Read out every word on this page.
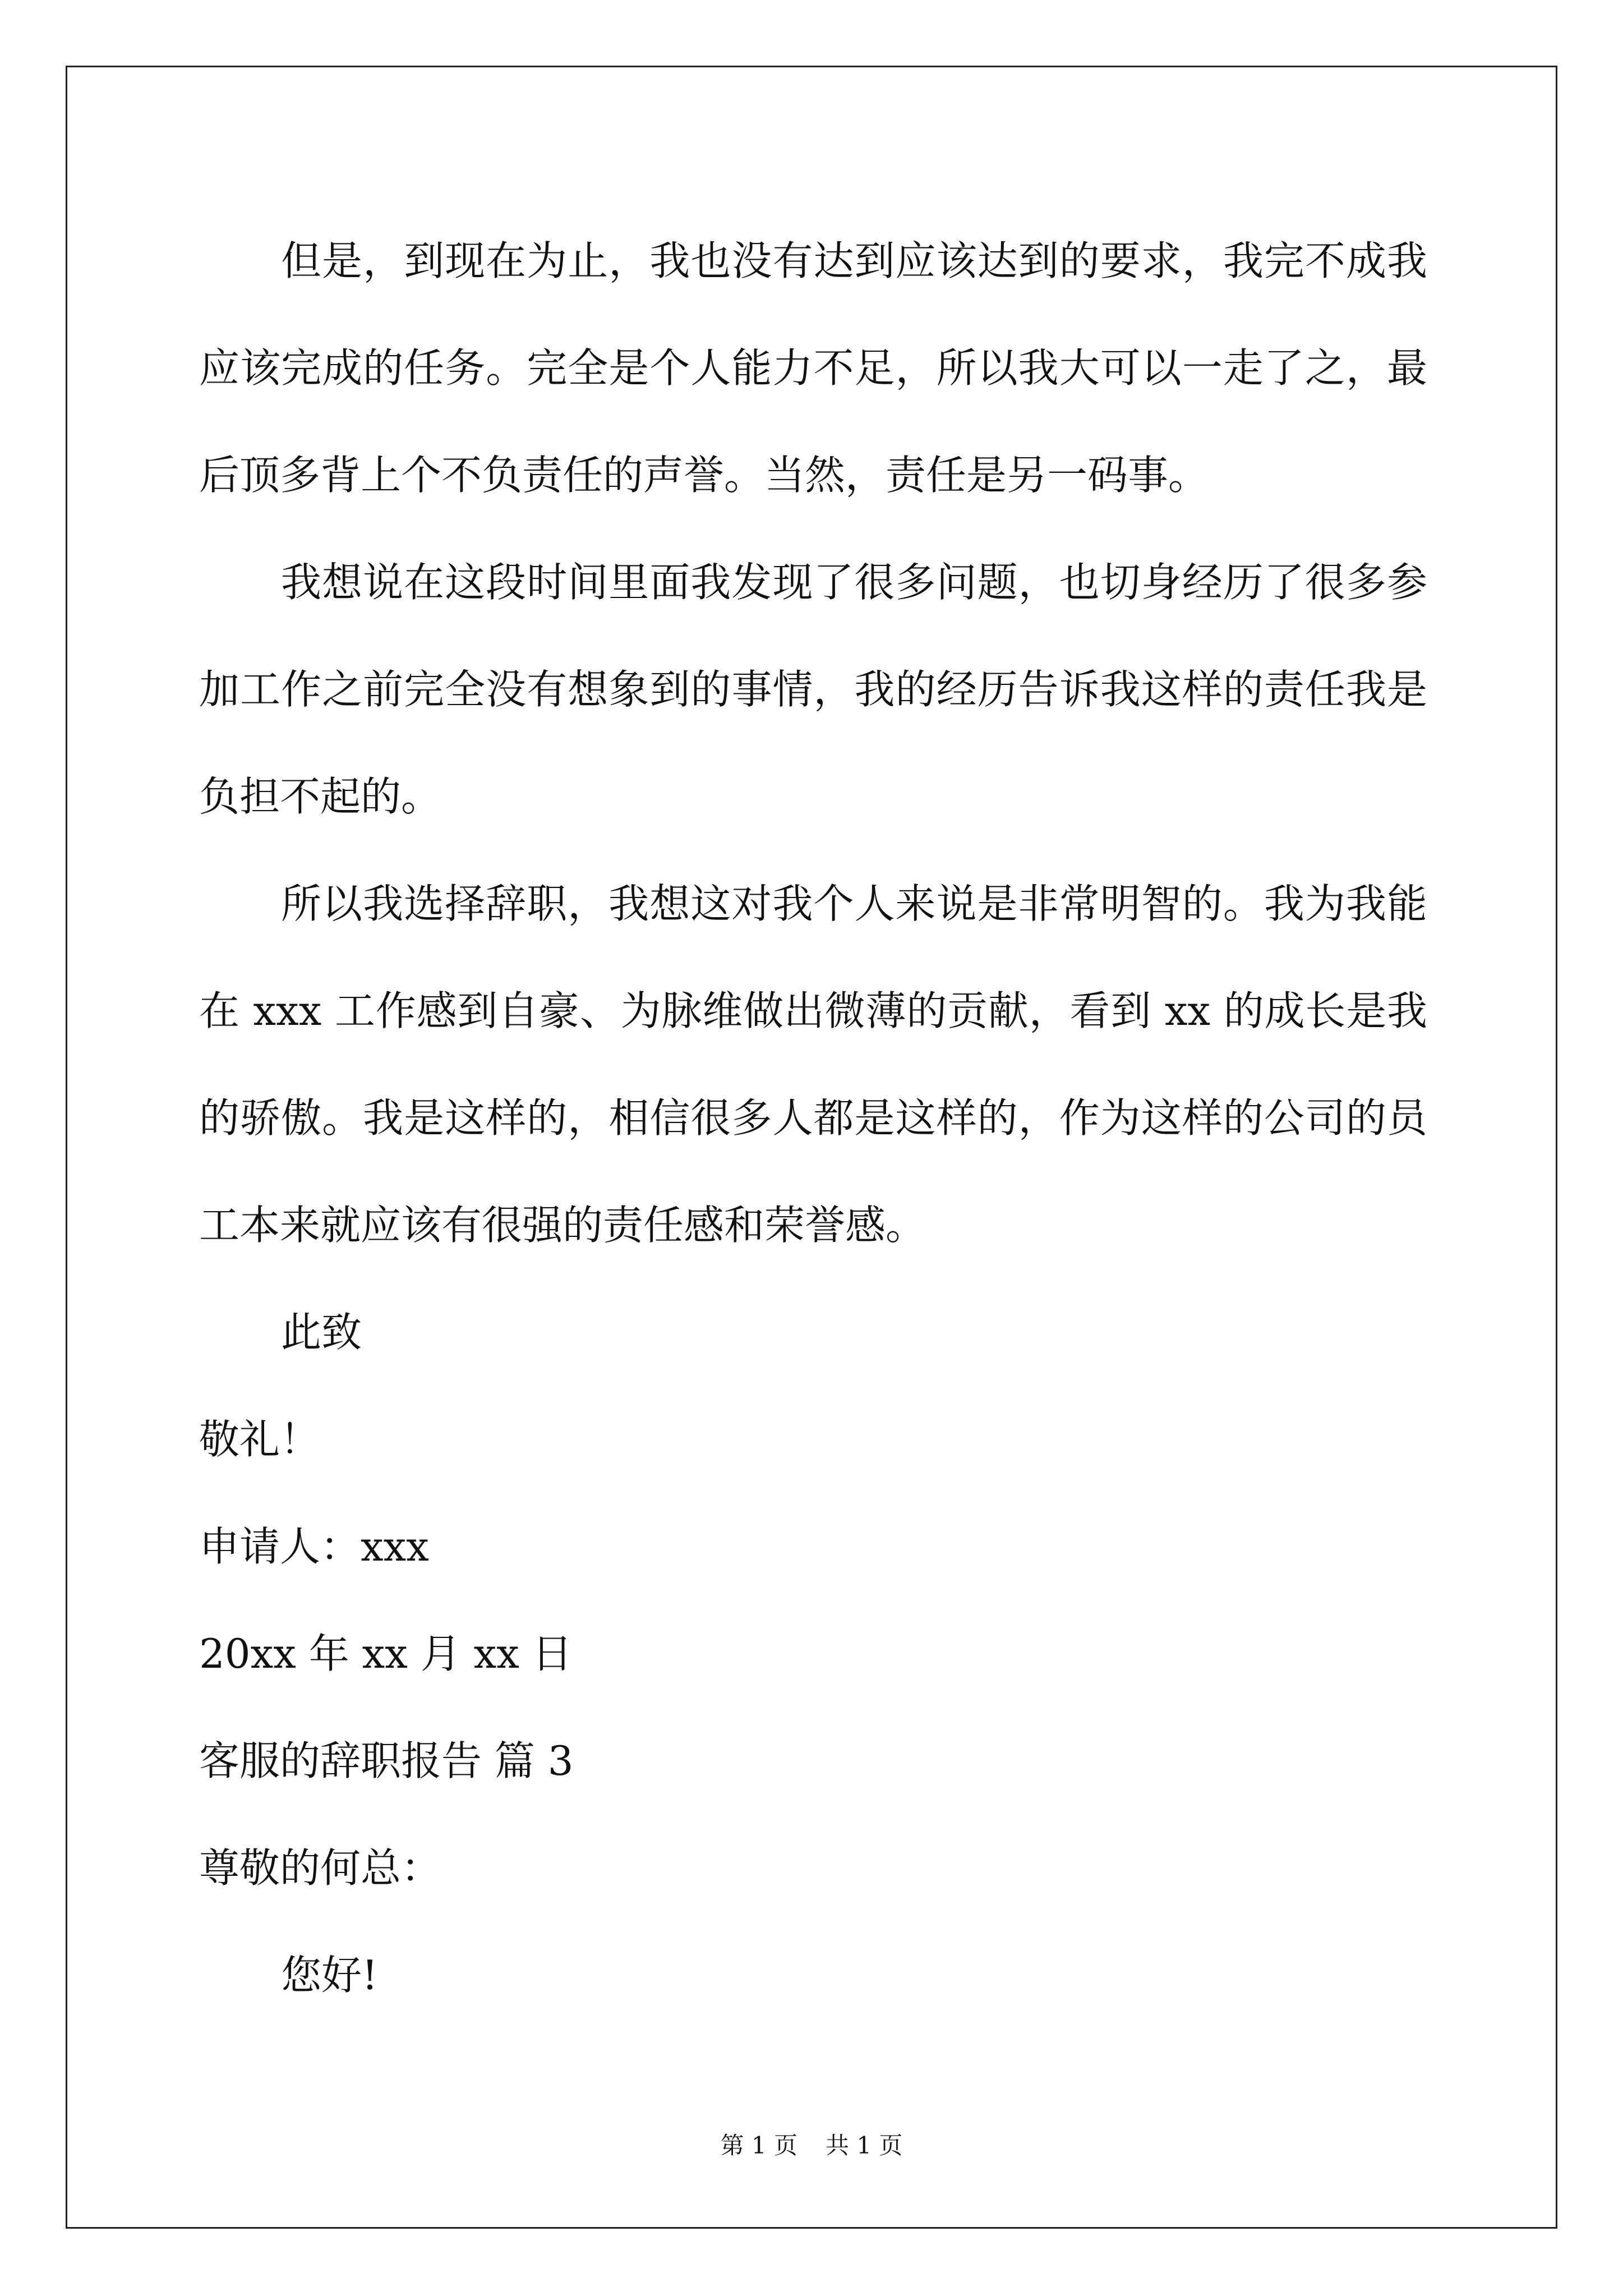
但是，到现在为止，我也没有达到应该达到的要求，我完不成我应该完成的任务。完全是个人能力不足，所以我大可以一走了之，最后顶多背上个不负责任的声誉。当然，责任是另一码事。

我想说在这段时间里面我发现了很多问题，也切身经历了很多参加工作之前完全没有想象到的事情，我的经历告诉我这样的责任我是负担不起的。

所以我选择辞职，我想这对我个人来说是非常明智的。我为我能在 xxx 工作感到自豪、为脉维做出微薄的贡献，看到 xx 的成长是我的骄傲。我是这样的，相信很多人都是这样的，作为这样的公司的员工本来就应该有很强的责任感和荣誉感。

此致

敬礼！

申请人：xxx

20xx 年 xx 月 xx 日

客服的辞职报告 篇 3

尊敬的何总：

您好!

第 1 页 共 1 页
